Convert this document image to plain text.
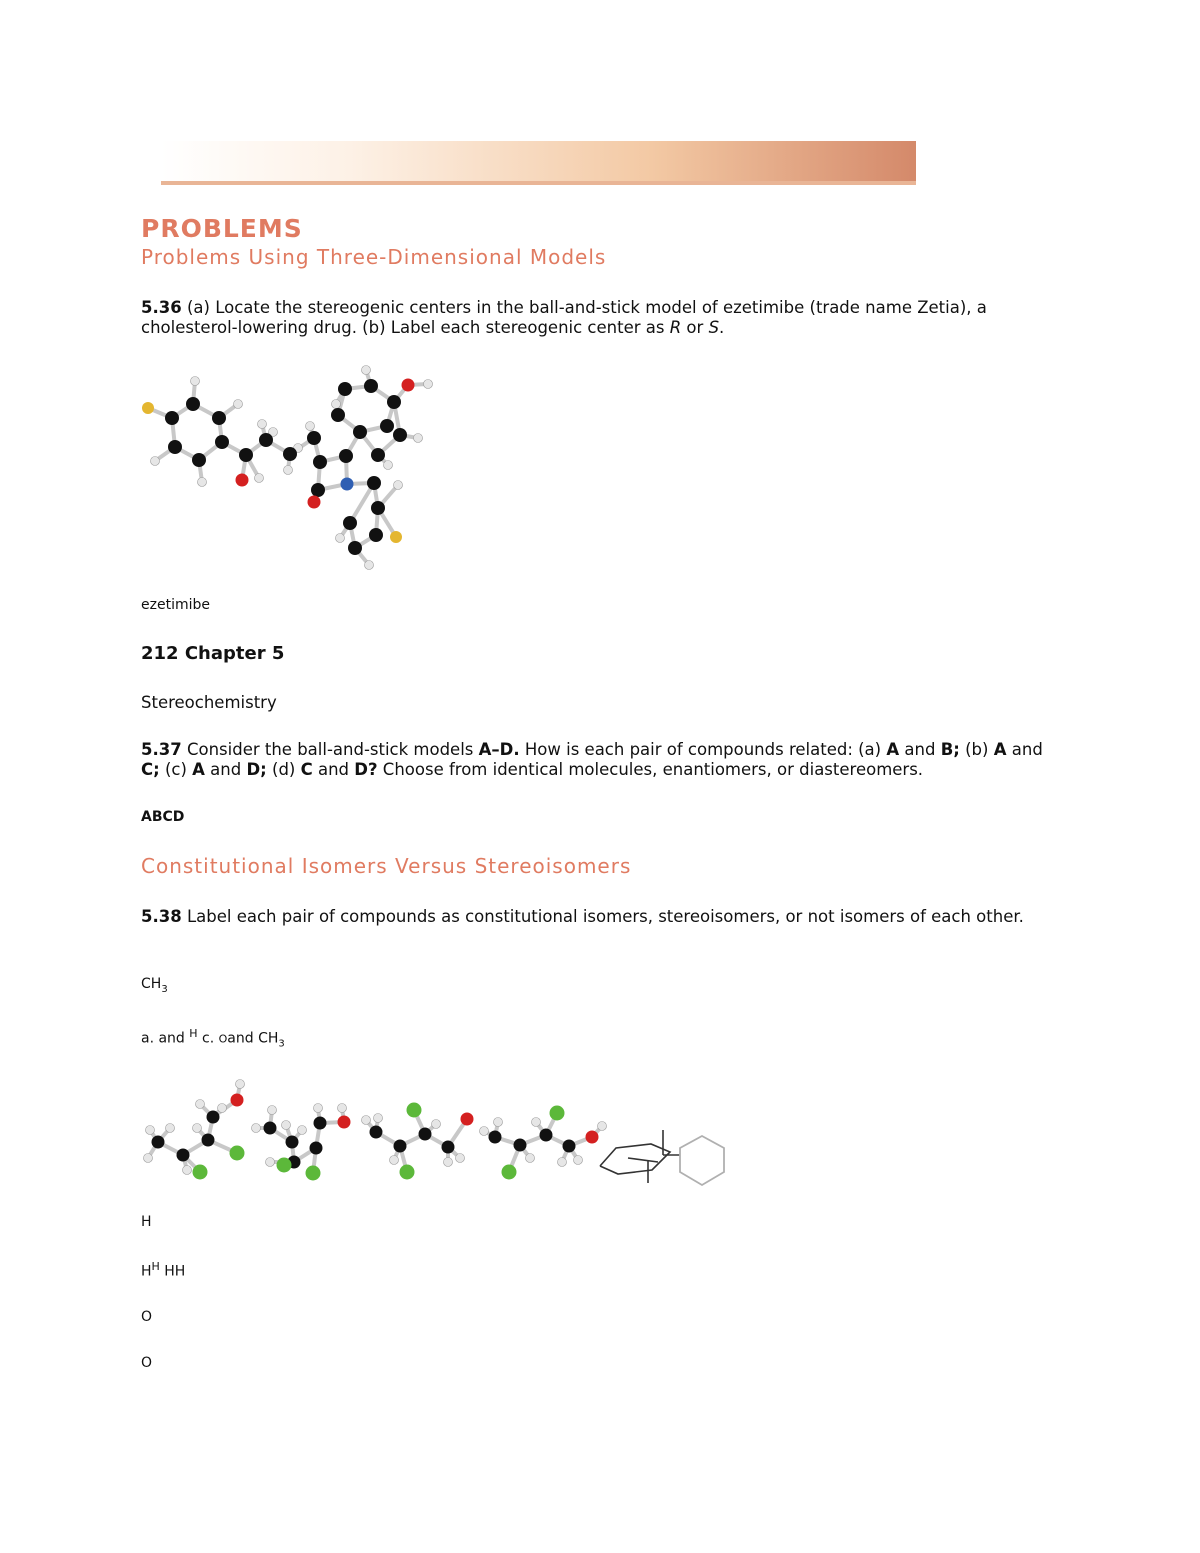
PROBLEMS
Problems Using Three-Dimensional Models
5.36 (a) Locate the stereogenic centers in the ball-and-stick model of ezetimibe (trade name Zetia), a cholesterol-lowering drug. (b) Label each stereogenic center as R or S.
ezetimibe
212 Chapter 5
Stereochemistry
5.37 Consider the ball-and-stick models A–D. How is each pair of compounds related: (a) A and B; (b) A and C; (c) A and D; (d) C and D? Choose from identical molecules, enantiomers, or diastereomers.
ABCD
Constitutional Isomers Versus Stereoisomers
5.38 Label each pair of compounds as constitutional isomers, stereoisomers, or not isomers of each other.
$CH_3$
a. and $^H$ c. Oand $CH_3$
H
$H^H$ HH
O
O
